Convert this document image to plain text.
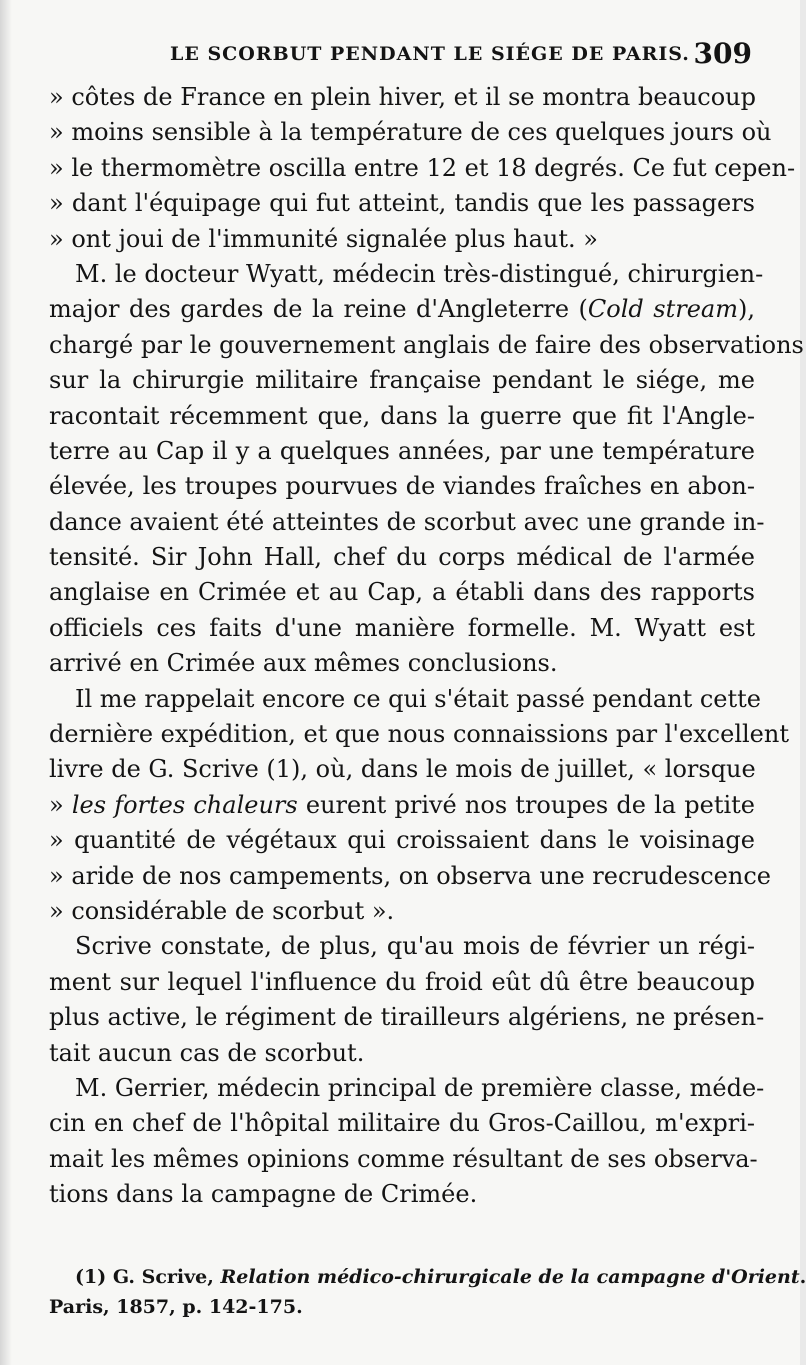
LE SCORBUT PENDANT LE SIÉGE DE PARIS. 309
» côtes de France en plein hiver, et il se montra beaucoup
» moins sensible à la température de ces quelques jours où
» le thermomètre oscilla entre 12 et 18 degrés. Ce fut cepen-
» dant l'équipage qui fut atteint, tandis que les passagers
» ont joui de l'immunité signalée plus haut. »
M. le docteur Wyatt, médecin très-distingué, chirurgien-
major des gardes de la reine d'Angleterre (Cold stream),
chargé par le gouvernement anglais de faire des observations
sur la chirurgie militaire française pendant le siége, me
racontait récemment que, dans la guerre que fit l'Angle-
terre au Cap il y a quelques années, par une température
élevée, les troupes pourvues de viandes fraîches en abon-
dance avaient été atteintes de scorbut avec une grande in-
tensité. Sir John Hall, chef du corps médical de l'armée
anglaise en Crimée et au Cap, a établi dans des rapports
officiels ces faits d'une manière formelle. M. Wyatt est
arrivé en Crimée aux mêmes conclusions.
Il me rappelait encore ce qui s'était passé pendant cette
dernière expédition, et que nous connaissions par l'excellent
livre de G. Scrive (1), où, dans le mois de juillet, « lorsque
» les fortes chaleurs eurent privé nos troupes de la petite
» quantité de végétaux qui croissaient dans le voisinage
» aride de nos campements, on observa une recrudescence
» considérable de scorbut ».
Scrive constate, de plus, qu'au mois de février un régi-
ment sur lequel l'influence du froid eût dû être beaucoup
plus active, le régiment de tirailleurs algériens, ne présen-
tait aucun cas de scorbut.
M. Gerrier, médecin principal de première classe, méde-
cin en chef de l'hôpital militaire du Gros-Caillou, m'expri-
mait les mêmes opinions comme résultant de ses observa-
tions dans la campagne de Crimée.
(1) G. Scrive, Relation médico-chirurgicale de la campagne d'Orient.
Paris, 1857, p. 142-175.
